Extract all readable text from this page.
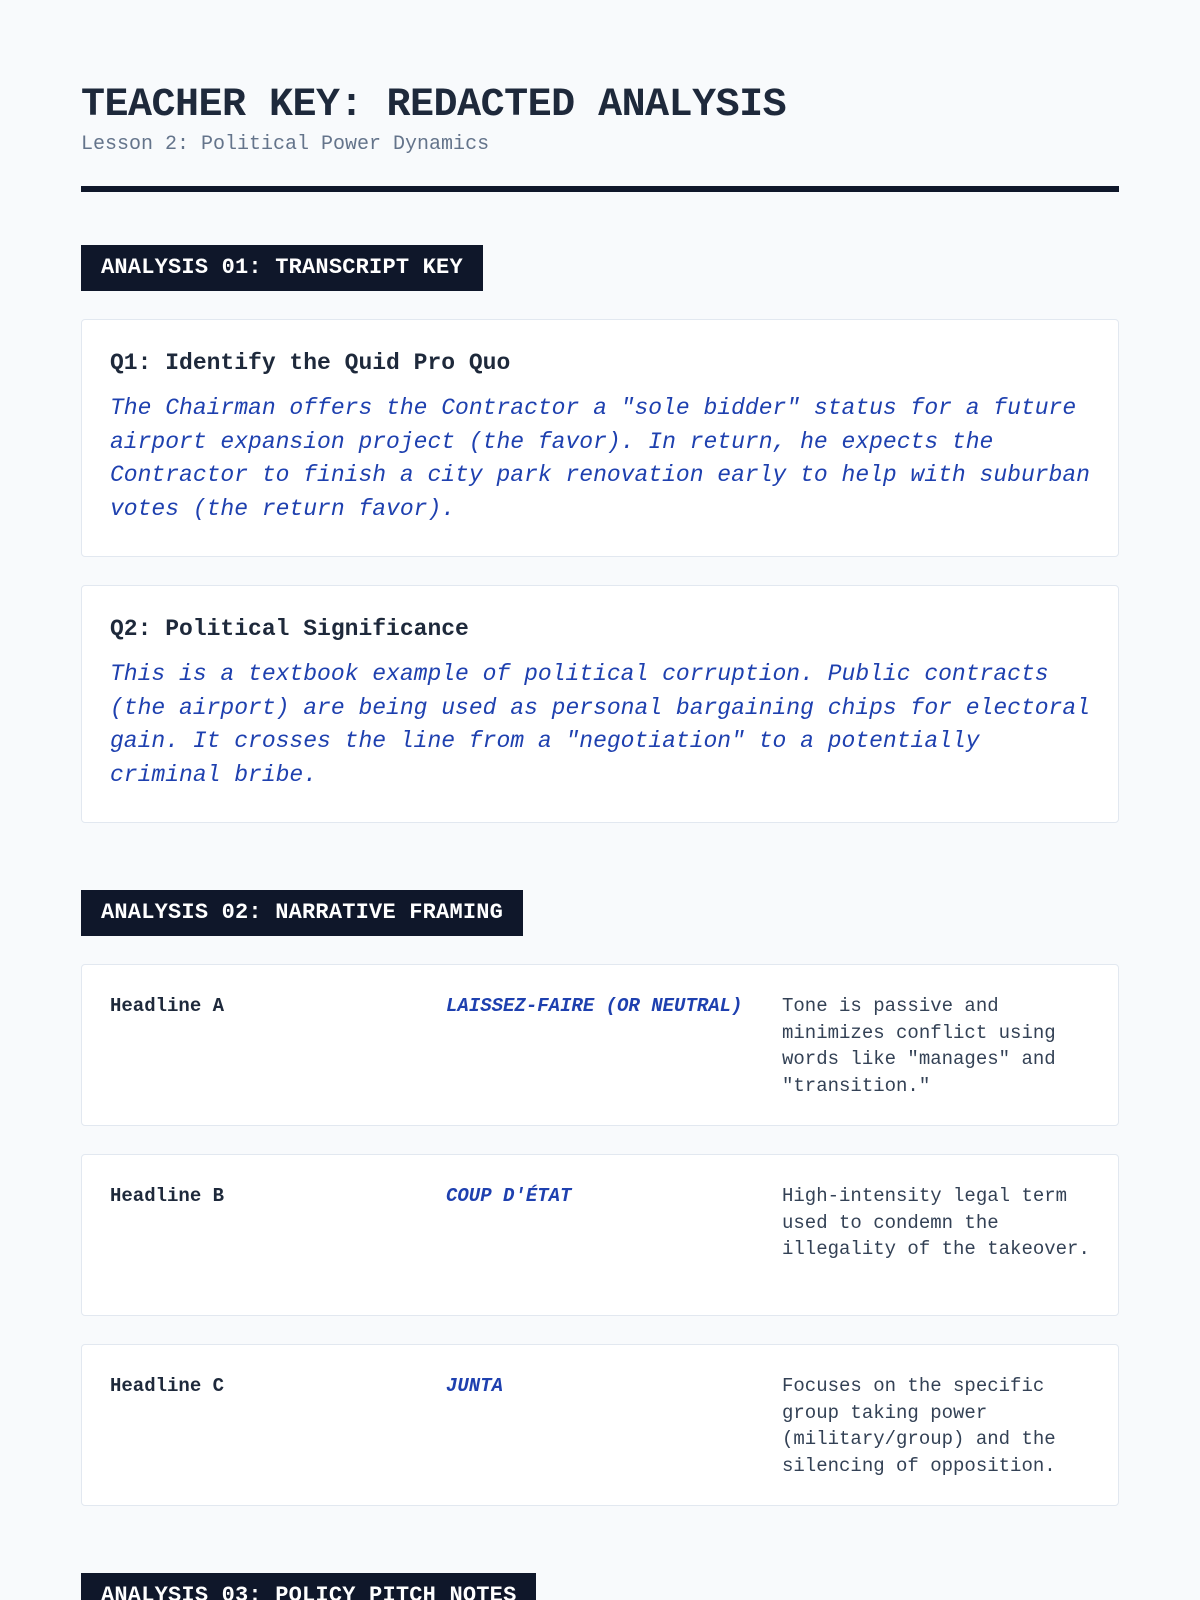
TEACHER KEY: REDACTED ANALYSIS
Lesson 2: Political Power Dynamics
ANALYSIS 01: TRANSCRIPT KEY
Q1: Identify the Quid Pro Quo
The Chairman offers the Contractor a "sole bidder" status for a future airport expansion project (the favor). In return, he expects the Contractor to finish a city park renovation early to help with suburban votes (the return favor).
Q2: Political Significance
This is a textbook example of political corruption. Public contracts (the airport) are being used as personal bargaining chips for electoral gain. It crosses the line from a "negotiation" to a potentially criminal bribe.
ANALYSIS 02: NARRATIVE FRAMING
Headline A	LAISSEZ-FAIRE (OR NEUTRAL)	Tone is passive and minimizes conflict using words like "manages" and "transition."
Headline B	COUP D'ÉTAT	High-intensity legal term used to condemn the illegality of the takeover.
Headline C	JUNTA	Focuses on the specific group taking power (military/group) and the silencing of opposition.
ANALYSIS 03: POLICY PITCH NOTES
